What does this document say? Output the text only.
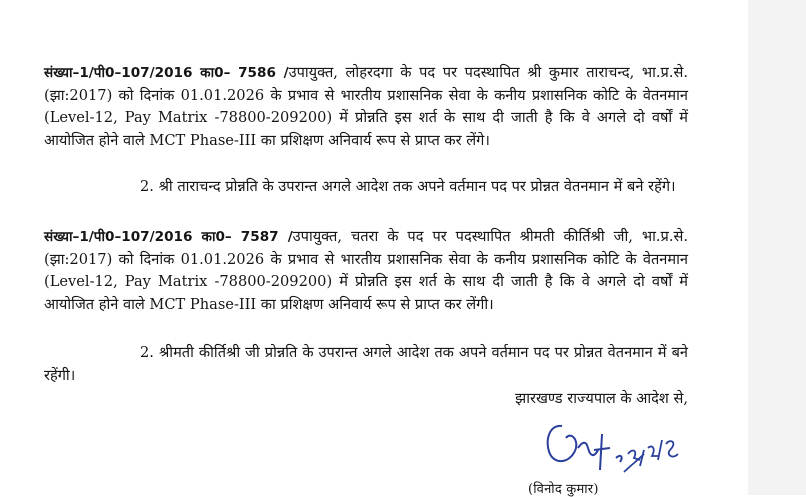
संख्या–1/पी0–107/2016 का0– 7586 /उपायुक्त, लोहरदगा के पद पर पदस्थापित श्री कुमार ताराचन्द, भा.प्र.से. (झा:2017) को दिनांक 01.01.2026 के प्रभाव से भारतीय प्रशासनिक सेवा के कनीय प्रशासनिक कोटि के वेतनमान (Level-12, Pay Matrix -78800-209200) में प्रोन्नति इस शर्त के साथ दी जाती है कि वे अगले दो वर्षों में आयोजित होने वाले MCT Phase-III का प्रशिक्षण अनिवार्य रूप से प्राप्त कर लेंगे।

2. श्री ताराचन्द प्रोन्नति के उपरान्त अगले आदेश तक अपने वर्तमान पद पर प्रोन्नत वेतनमान में बने रहेंगे।

संख्या–1/पी0–107/2016 का0– 7587 /उपायुक्त, चतरा के पद पर पदस्थापित श्रीमती कीर्तिश्री जी, भा.प्र.से. (झा:2017) को दिनांक 01.01.2026 के प्रभाव से भारतीय प्रशासनिक सेवा के कनीय प्रशासनिक कोटि के वेतनमान (Level-12, Pay Matrix -78800-209200) में प्रोन्नति इस शर्त के साथ दी जाती है कि वे अगले दो वर्षों में आयोजित होने वाले MCT Phase-III का प्रशिक्षण अनिवार्य रूप से प्राप्त कर लेंगी।

2. श्रीमती कीर्तिश्री जी प्रोन्नति के उपरान्त अगले आदेश तक अपने वर्तमान पद पर प्रोन्नत वेतनमान में बने रहेंगी।

झारखण्ड राज्यपाल के आदेश से,

(विनोद कुमार)
